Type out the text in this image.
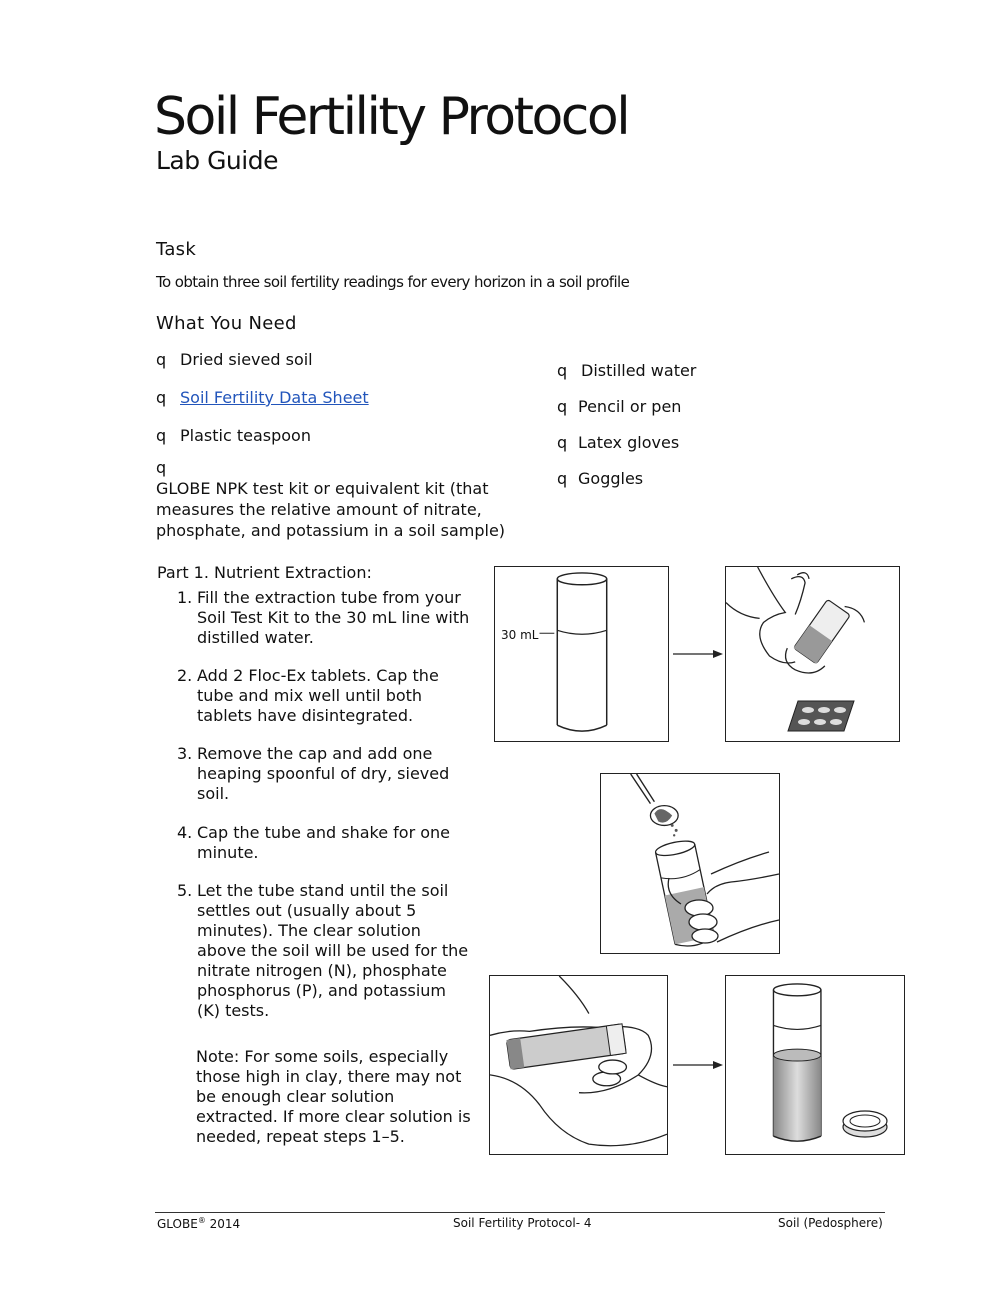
Soil Fertility Protocol
Lab Guide
Task
To obtain three soil fertility readings for every horizon in a soil profile
What You Need
q Dried sieved soil
q Soil Fertility Data Sheet
q Plastic teaspoon
qGLOBE NPK test kit or equivalent kit (that measures the relative amount of nitrate, phosphate, and potassium in a soil sample)
q Distilled water
q Pencil or pen
q Latex gloves
q Goggles
Part 1. Nutrient Extraction:
1. Fill the extraction tube from your Soil Test Kit to the 30 mL line with distilled water.
2. Add 2 Floc-Ex tablets. Cap the tube and mix well until both tablets have disintegrated.
3. Remove the cap and add one heaping spoonful of dry, sieved soil.
4. Cap the tube and shake for one minute.
5. Let the tube stand until the soil settles out (usually about 5 minutes). The clear solution above the soil will be used for the nitrate nitrogen (N), phosphate phosphorus (P), and potassium (K) tests.
Note: For some soils, especially those high in clay, there may not be enough clear solution extracted. If more clear solution is needed, repeat steps 1–5.
30 mL
GLOBE® 2014	Soil Fertility Protocol- 4	Soil (Pedosphere)
